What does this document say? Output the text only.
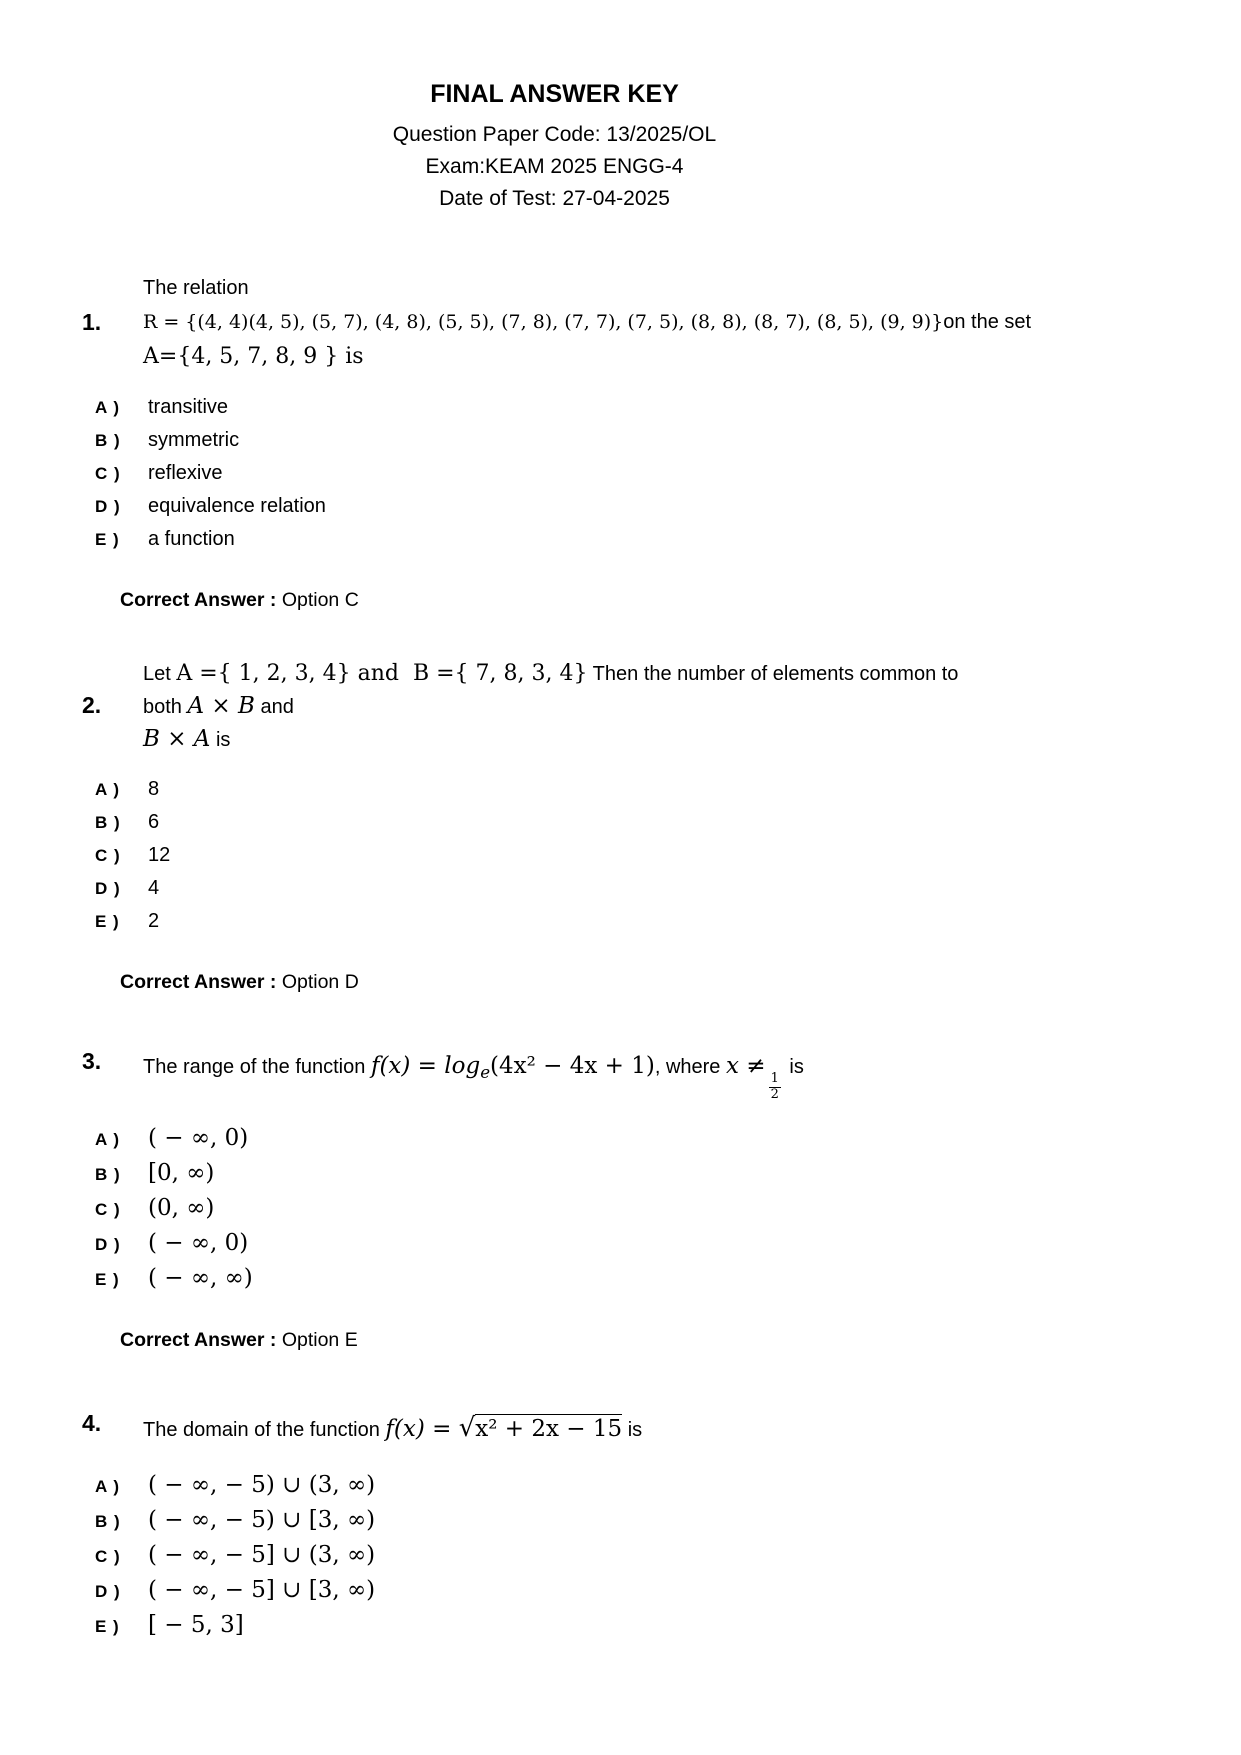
FINAL ANSWER KEY
Question Paper Code: 13/2025/OL
Exam:KEAM 2025 ENGG-4
Date of Test: 27-04-2025
1.
The relation
R = {(4, 4)(4, 5), (5, 7), (4, 8), (5, 5), (7, 8), (7, 7), (7, 5), (8, 8), (8, 7), (8, 5), (9, 9)}on the set
A={4, 5, 7, 8, 9 } is
A )	transitive
B )	symmetric
C )	reflexive
D )	equivalence relation
E )	a function
Correct Answer : Option C
2.
Let A ={ 1, 2, 3, 4} and  B ={ 7, 8, 3, 4} Then the number of elements common to
both A × B and
B × A is
A )	8
B )	6
C )	12
D )	4
E )	2
Correct Answer : Option D
3.	The range of the function $f(x) = \log_e(4x^2 - 4x + 1)$, where x ≠
$\frac{1}{2}$
is
A )	( − ∞, 0)
B )	[0, ∞)
C )	(0, ∞)
D )	( − ∞, 0)
E )	( − ∞, ∞)
Correct Answer : Option E
4.	The domain of the function f(x) = √x² + 2x − 15 is
A )	( − ∞, − 5) ∪ (3, ∞)
B )	( − ∞, − 5) ∪ [3, ∞)
C )	( − ∞, − 5] ∪ (3, ∞)
D )	( − ∞, − 5] ∪ [3, ∞)
E )	[ − 5, 3]
